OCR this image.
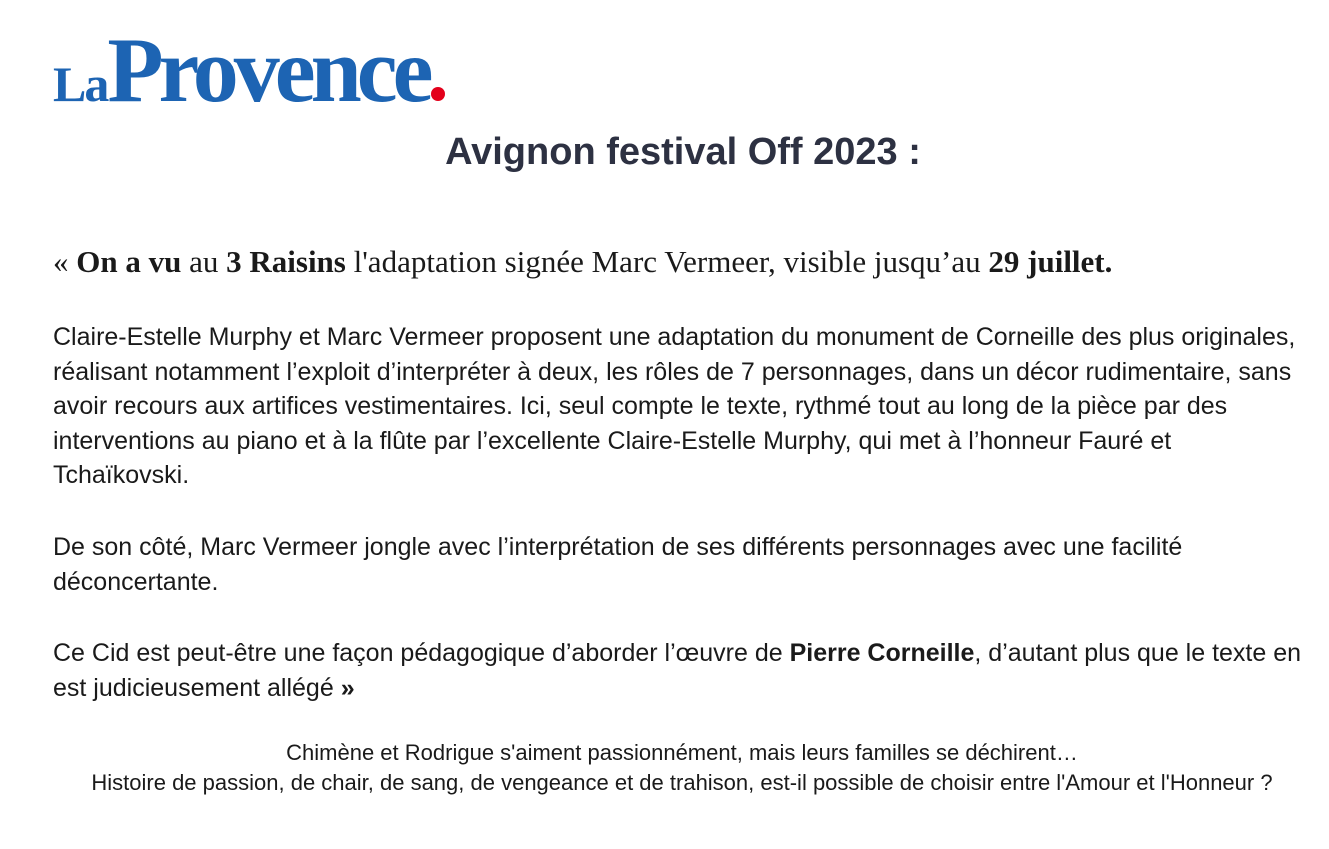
LaProvence
Avignon festival Off 2023 :

« On a vu au 3 Raisins l'adaptation signée Marc Vermeer, visible jusqu’au 29 juillet.

Claire-Estelle Murphy et Marc Vermeer proposent une adaptation du monument de Corneille des plus originales, réalisant notamment l’exploit d’interpréter à deux, les rôles de 7 personnages, dans un décor rudimentaire, sans avoir recours aux artifices vestimentaires. Ici, seul compte le texte, rythmé tout au long de la pièce par des interventions au piano et à la flûte par l’excellente Claire-Estelle Murphy, qui met à l’honneur Fauré et Tchaïkovski.

De son côté, Marc Vermeer jongle avec l’interprétation de ses différents personnages avec une facilité déconcertante.

Ce Cid est peut-être une façon pédagogique d’aborder l’œuvre de Pierre Corneille, d’autant plus que le texte en est judicieusement allégé »

Chimène et Rodrigue s'aiment passionnément, mais leurs familles se déchirent…
Histoire de passion, de chair, de sang, de vengeance et de trahison, est-il possible de choisir entre l'Amour et l'Honneur ?
